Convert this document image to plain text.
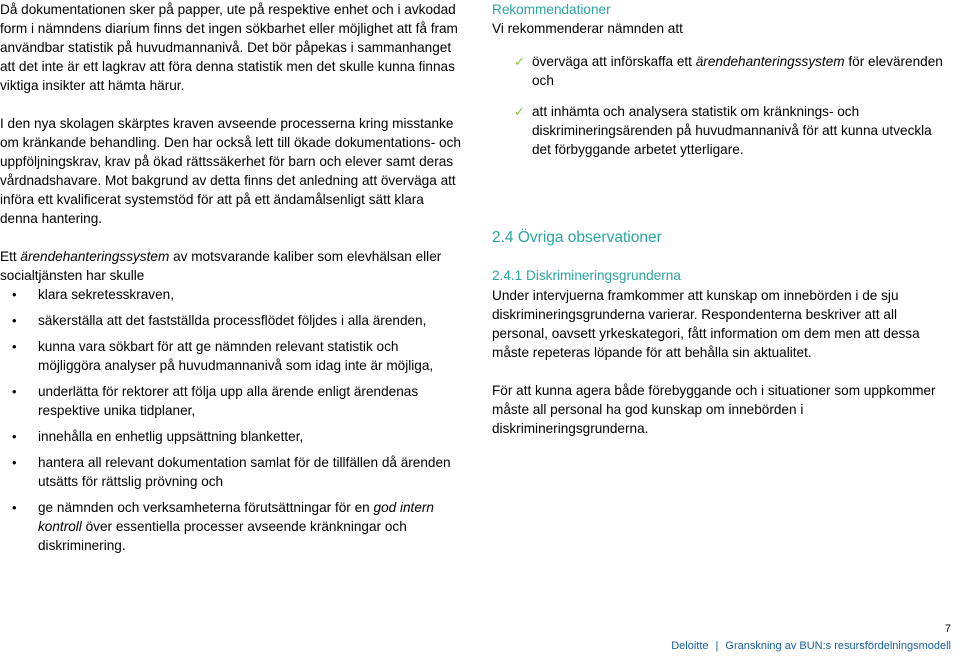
Då dokumentationen sker på papper, ute på respektive enhet och i avkodad form i nämndens diarium finns det ingen sökbarhet eller möjlighet att få fram användbar statistik på huvudmannanivå. Det bör påpekas i sammanhanget att det inte är ett lagkrav att föra denna statistik men det skulle kunna finnas viktiga insikter att hämta härur.

I den nya skolagen skärptes kraven avseende processerna kring misstanke om kränkande behandling. Den har också lett till ökade dokumentations- och uppföljningskrav, krav på ökad rättssäkerhet för barn och elever samt deras vårdnadshavare. Mot bakgrund av detta finns det anledning att överväga att införa ett kvalificerat systemstöd för att på ett ändamålsenligt sätt klara denna hantering.

Ett ärendehanteringssystem av motsvarande kaliber som elevhälsan eller socialtjänsten har skulle

• klara sekretesskraven,
• säkerställa att det fastställda processflödet följdes i alla ärenden,
• kunna vara sökbart för att ge nämnden relevant statistik och möjliggöra analyser på huvudmannanivå som idag inte är möjliga,
• underlätta för rektorer att följa upp alla ärende enligt ärendenas respektive unika tidplaner,
• innehålla en enhetlig uppsättning blanketter,
• hantera all relevant dokumentation samlat för de tillfällen då ärenden utsätts för rättslig prövning och
• ge nämnden och verksamheterna förutsättningar för en god intern kontroll över essentiella processer avseende kränkningar och diskriminering.
Rekommendationer

Vi rekommenderar nämnden att

✓ överväga att införskaffa ett ärendehanteringssystem för elevärenden och
✓ att inhämta och analysera statistik om kränknings- och diskrimineringsärenden på huvudmannanivå för att kunna utveckla det förbyggande arbetet ytterligare.
2.4 Övriga observationer
2.4.1 Diskrimineringsgrunderna

Under intervjuerna framkommer att kunskap om innebörden i de sju diskrimineringsgrunderna varierar. Respondenterna beskriver att all personal, oavsett yrkeskategori, fått information om dem men att dessa måste repeteras löpande för att behålla sin aktualitet.

För att kunna agera både förebyggande och i situationer som uppkommer måste all personal ha god kunskap om innebörden i diskrimineringsgrunderna.

7
Deloitte | Granskning av BUN:s resursfördelningsmodell
